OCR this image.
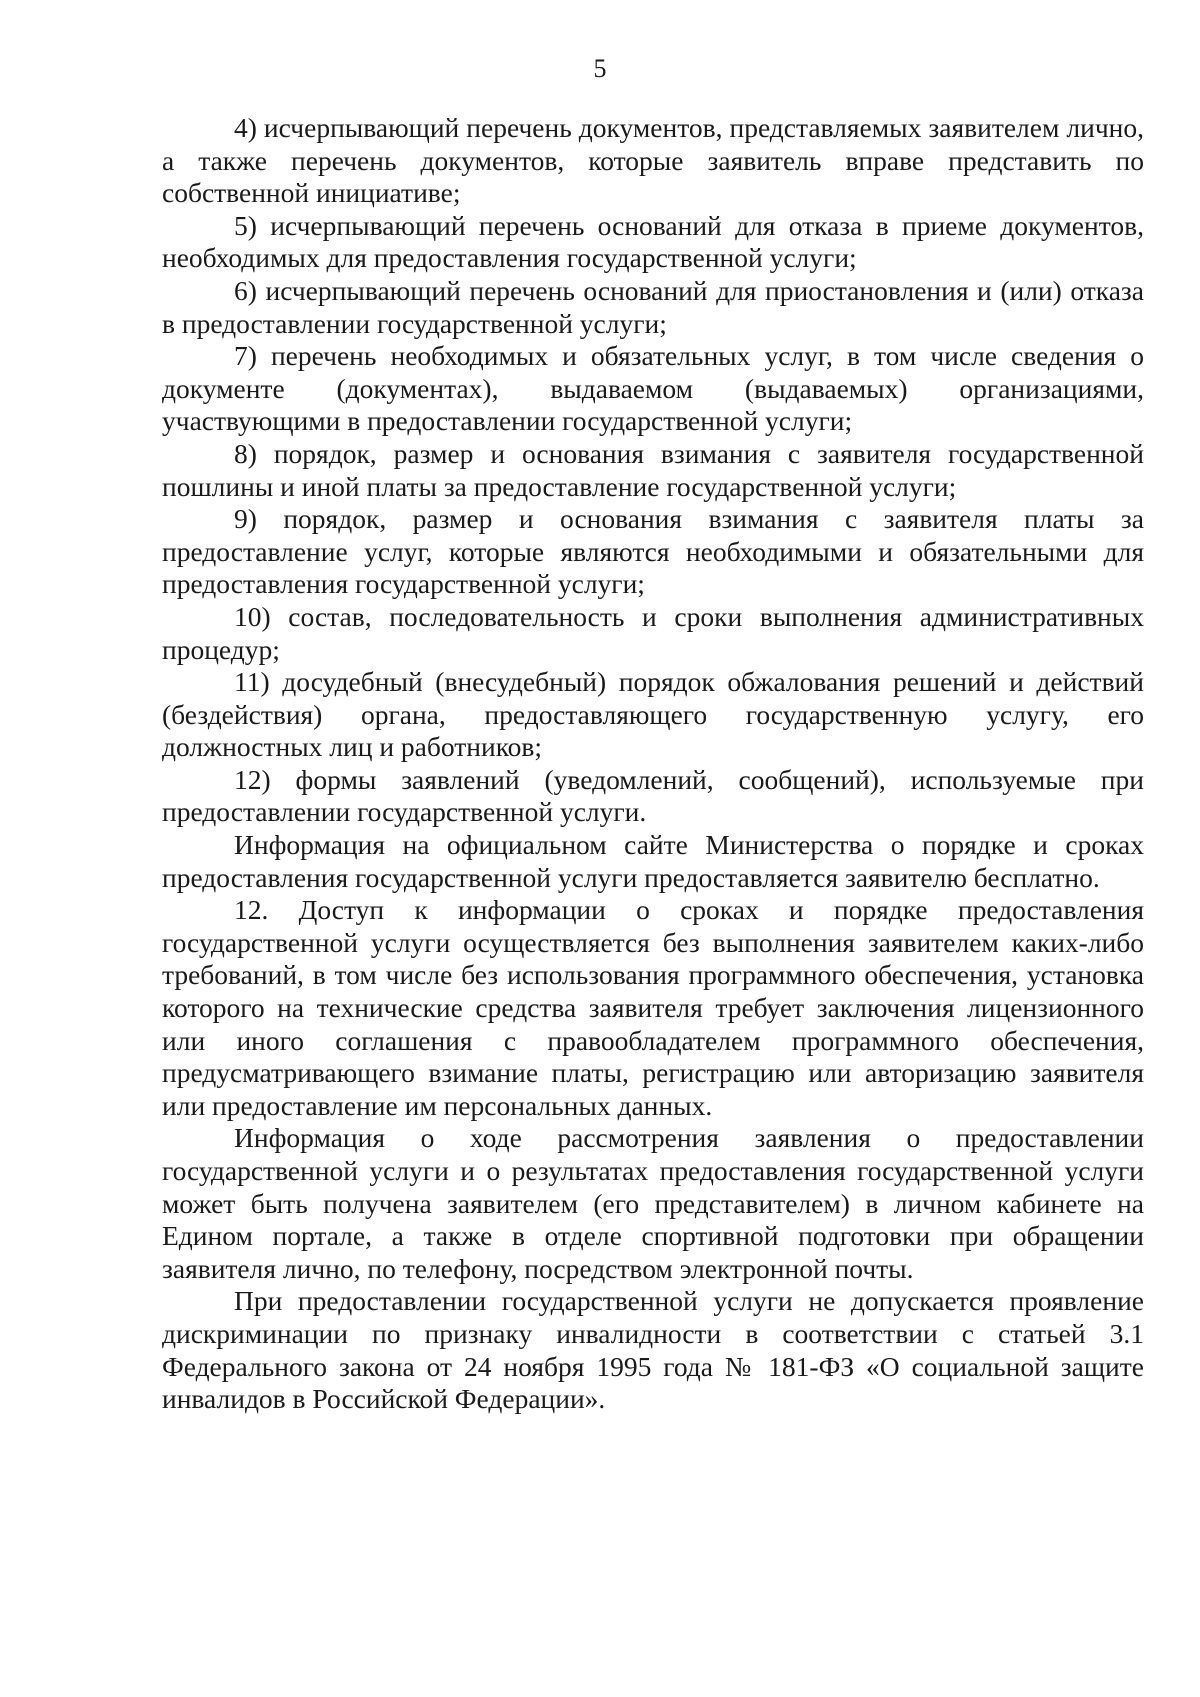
5

4) исчерпывающий перечень документов, представляемых заявителем лично, а также перечень документов, которые заявитель вправе представить по собственной инициативе;

5) исчерпывающий перечень оснований для отказа в приеме документов, необходимых для предоставления государственной услуги;

6) исчерпывающий перечень оснований для приостановления и (или) отказа в предоставлении государственной услуги;

7) перечень необходимых и обязательных услуг, в том числе сведения о документе (документах), выдаваемом (выдаваемых) организациями, участвующими в предоставлении государственной услуги;

8) порядок, размер и основания взимания с заявителя государственной пошлины и иной платы за предоставление государственной услуги;

9) порядок, размер и основания взимания с заявителя платы за предоставление услуг, которые являются необходимыми и обязательными для предоставления государственной услуги;

10) состав, последовательность и сроки выполнения административных процедур;

11) досудебный (внесудебный) порядок обжалования решений и действий (бездействия) органа, предоставляющего государственную услугу, его должностных лиц и работников;

12) формы заявлений (уведомлений, сообщений), используемые при предоставлении государственной услуги.

Информация на официальном сайте Министерства о порядке и сроках предоставления государственной услуги предоставляется заявителю бесплатно.

12. Доступ к информации о сроках и порядке предоставления государственной услуги осуществляется без выполнения заявителем каких-либо требований, в том числе без использования программного обеспечения, установка которого на технические средства заявителя требует заключения лицензионного или иного соглашения с правообладателем программного обеспечения, предусматривающего взимание платы, регистрацию или авторизацию заявителя или предоставление им персональных данных.

Информация о ходе рассмотрения заявления о предоставлении государственной услуги и о результатах предоставления государственной услуги может быть получена заявителем (его представителем) в личном кабинете на Едином портале, а также в отделе спортивной подготовки при обращении заявителя лично, по телефону, посредством электронной почты.

При предоставлении государственной услуги не допускается проявление дискриминации по признаку инвалидности в соответствии с статьей 3.1 Федерального закона от 24 ноября 1995 года № 181-ФЗ «О социальной защите инвалидов в Российской Федерации».
